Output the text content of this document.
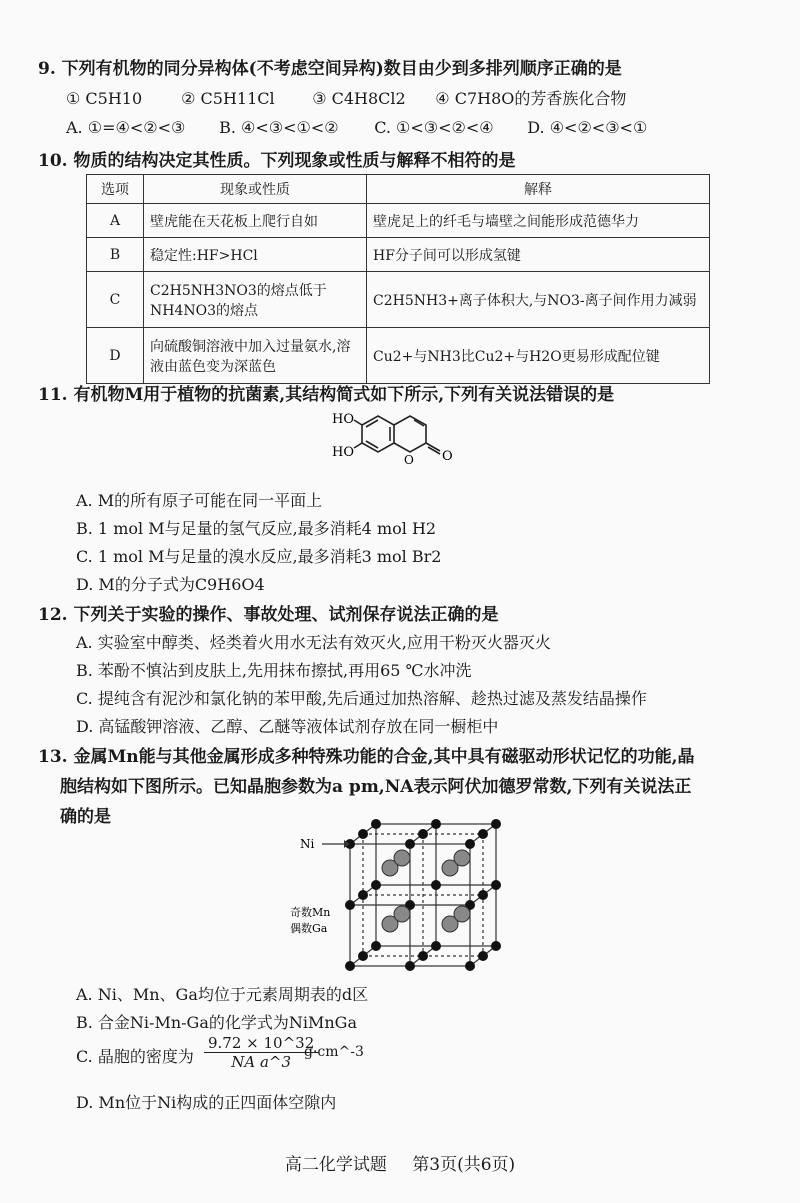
9. 下列有机物的同分异构体(不考虑空间异构)数目由少到多排列顺序正确的是
① C5H10 ② C5H11Cl ③ C4H8Cl2 ④ C7H8O的芳香族化合物
A. ①=④<②<③ B. ④<③<①<② C. ①<③<②<④ D. ④<②<③<①
10. 物质的结构决定其性质。下列现象或性质与解释不相符的是
选项	现象或性质	解释
A	壁虎能在天花板上爬行自如	壁虎足上的纤毛与墙壁之间能形成范德华力
B	稳定性:HF>HCl	HF分子间可以形成氢键
C	C2H5NH3NO3的熔点低于NH4NO3的熔点	C2H5NH3+离子体积大,与NO3-离子间作用力减弱
D	向硫酸铜溶液中加入过量氨水,溶液由蓝色变为深蓝色	Cu2+与NH3比Cu2+与H2O更易形成配位键
11. 有机物M用于植物的抗菌素,其结构简式如下所示,下列有关说法错误的是
HO
HO	O O
A. M的所有原子可能在同一平面上
B. 1 mol M与足量的氢气反应,最多消耗4 mol H2
C. 1 mol M与足量的溴水反应,最多消耗3 mol Br2
D. M的分子式为C9H6O4
12. 下列关于实验的操作、事故处理、试剂保存说法正确的是
A. 实验室中醇类、烃类着火用水无法有效灭火,应用干粉灭火器灭火
B. 苯酚不慎沾到皮肤上,先用抹布擦拭,再用65 ℃水冲洗
C. 提纯含有泥沙和氯化钠的苯甲酸,先后通过加热溶解、趁热过滤及蒸发结晶操作
D. 高锰酸钾溶液、乙醇、乙醚等液体试剂存放在同一橱柜中
13. 金属Mn能与其他金属形成多种特殊功能的合金,其中具有磁驱动形状记忆的功能,晶
胞结构如下图所示。已知晶胞参数为a pm,NA表示阿伏加德罗常数,下列有关说法正
确的是
Ni
奇数Mn
偶数Ga
A. Ni、Mn、Ga均位于元素周期表的d区
B. 合金Ni-Mn-Ga的化学式为NiMnGa
C. 晶胞的密度为 $\frac{9.72 \times 10\^{}32}{\text{NA a\textasciicircum{}3}}$
g·cm^-3
D. Mn位于Ni构成的正四面体空隙内
高二化学试题 第3页(共6页)
